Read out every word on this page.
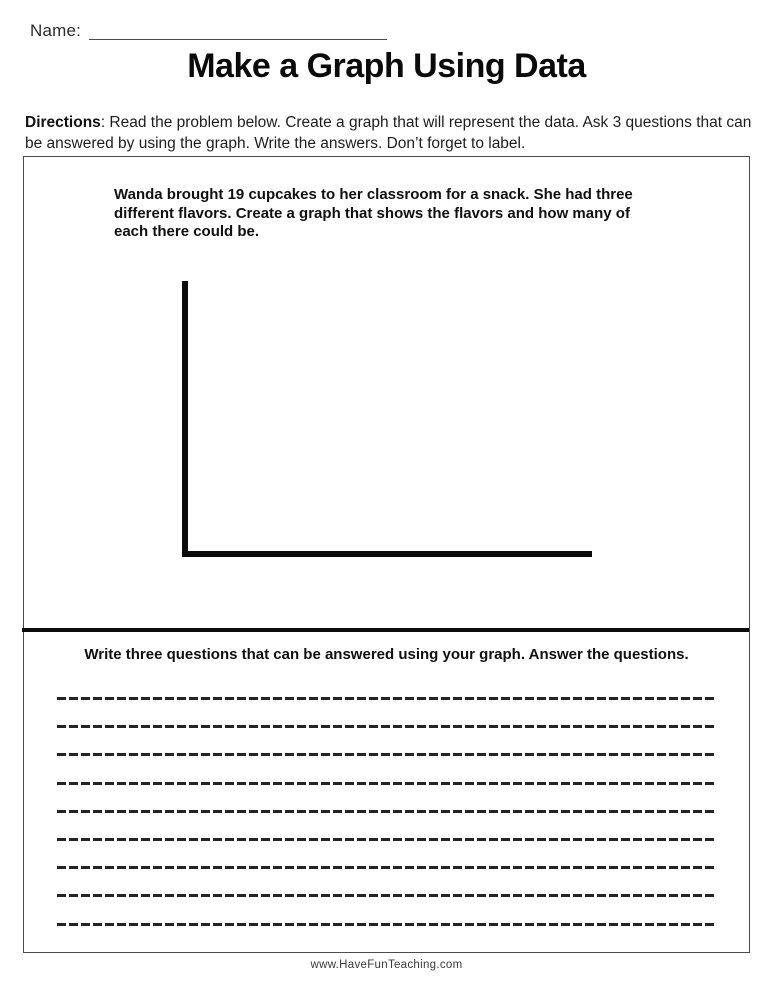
Name:
Make a Graph Using Data
Directions: Read the problem below. Create a graph that will represent the data. Ask 3 questions that can be answered by using the graph. Write the answers. Don’t forget to label.
Wanda brought 19 cupcakes to her classroom for a snack. She had three different flavors. Create a graph that shows the flavors and how many of each there could be.
Write three questions that can be answered using your graph. Answer the questions.
www.HaveFunTeaching.com
